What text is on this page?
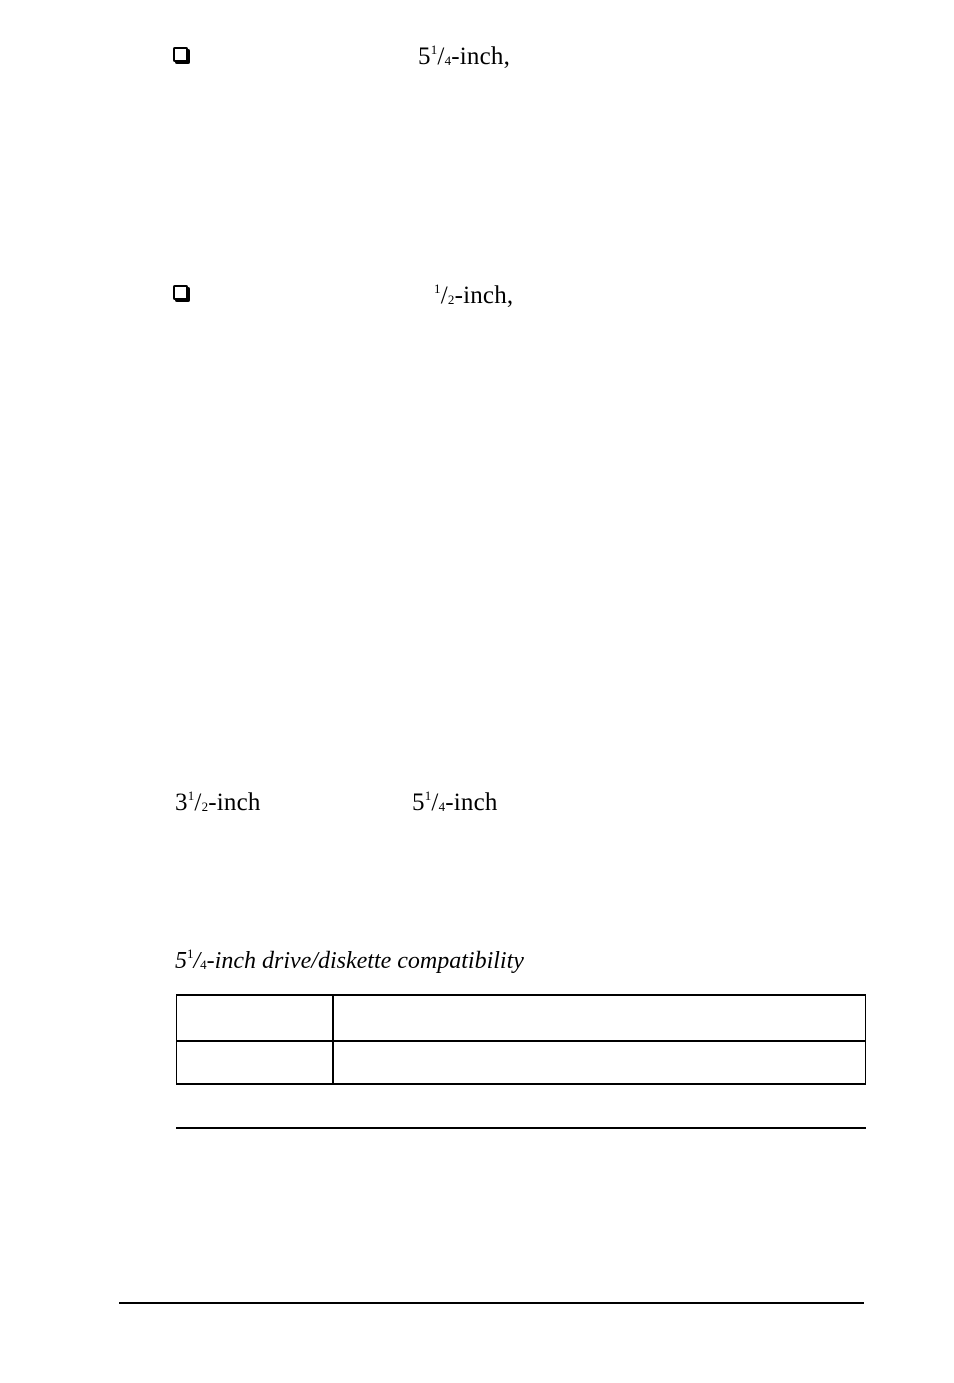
$5^1/_4$-inch,
$^1/_2$-inch,
$3^1/_2$-inch	$5^1/_4$-inch
$5^1/_4$-inch drive/diskette compatibility
